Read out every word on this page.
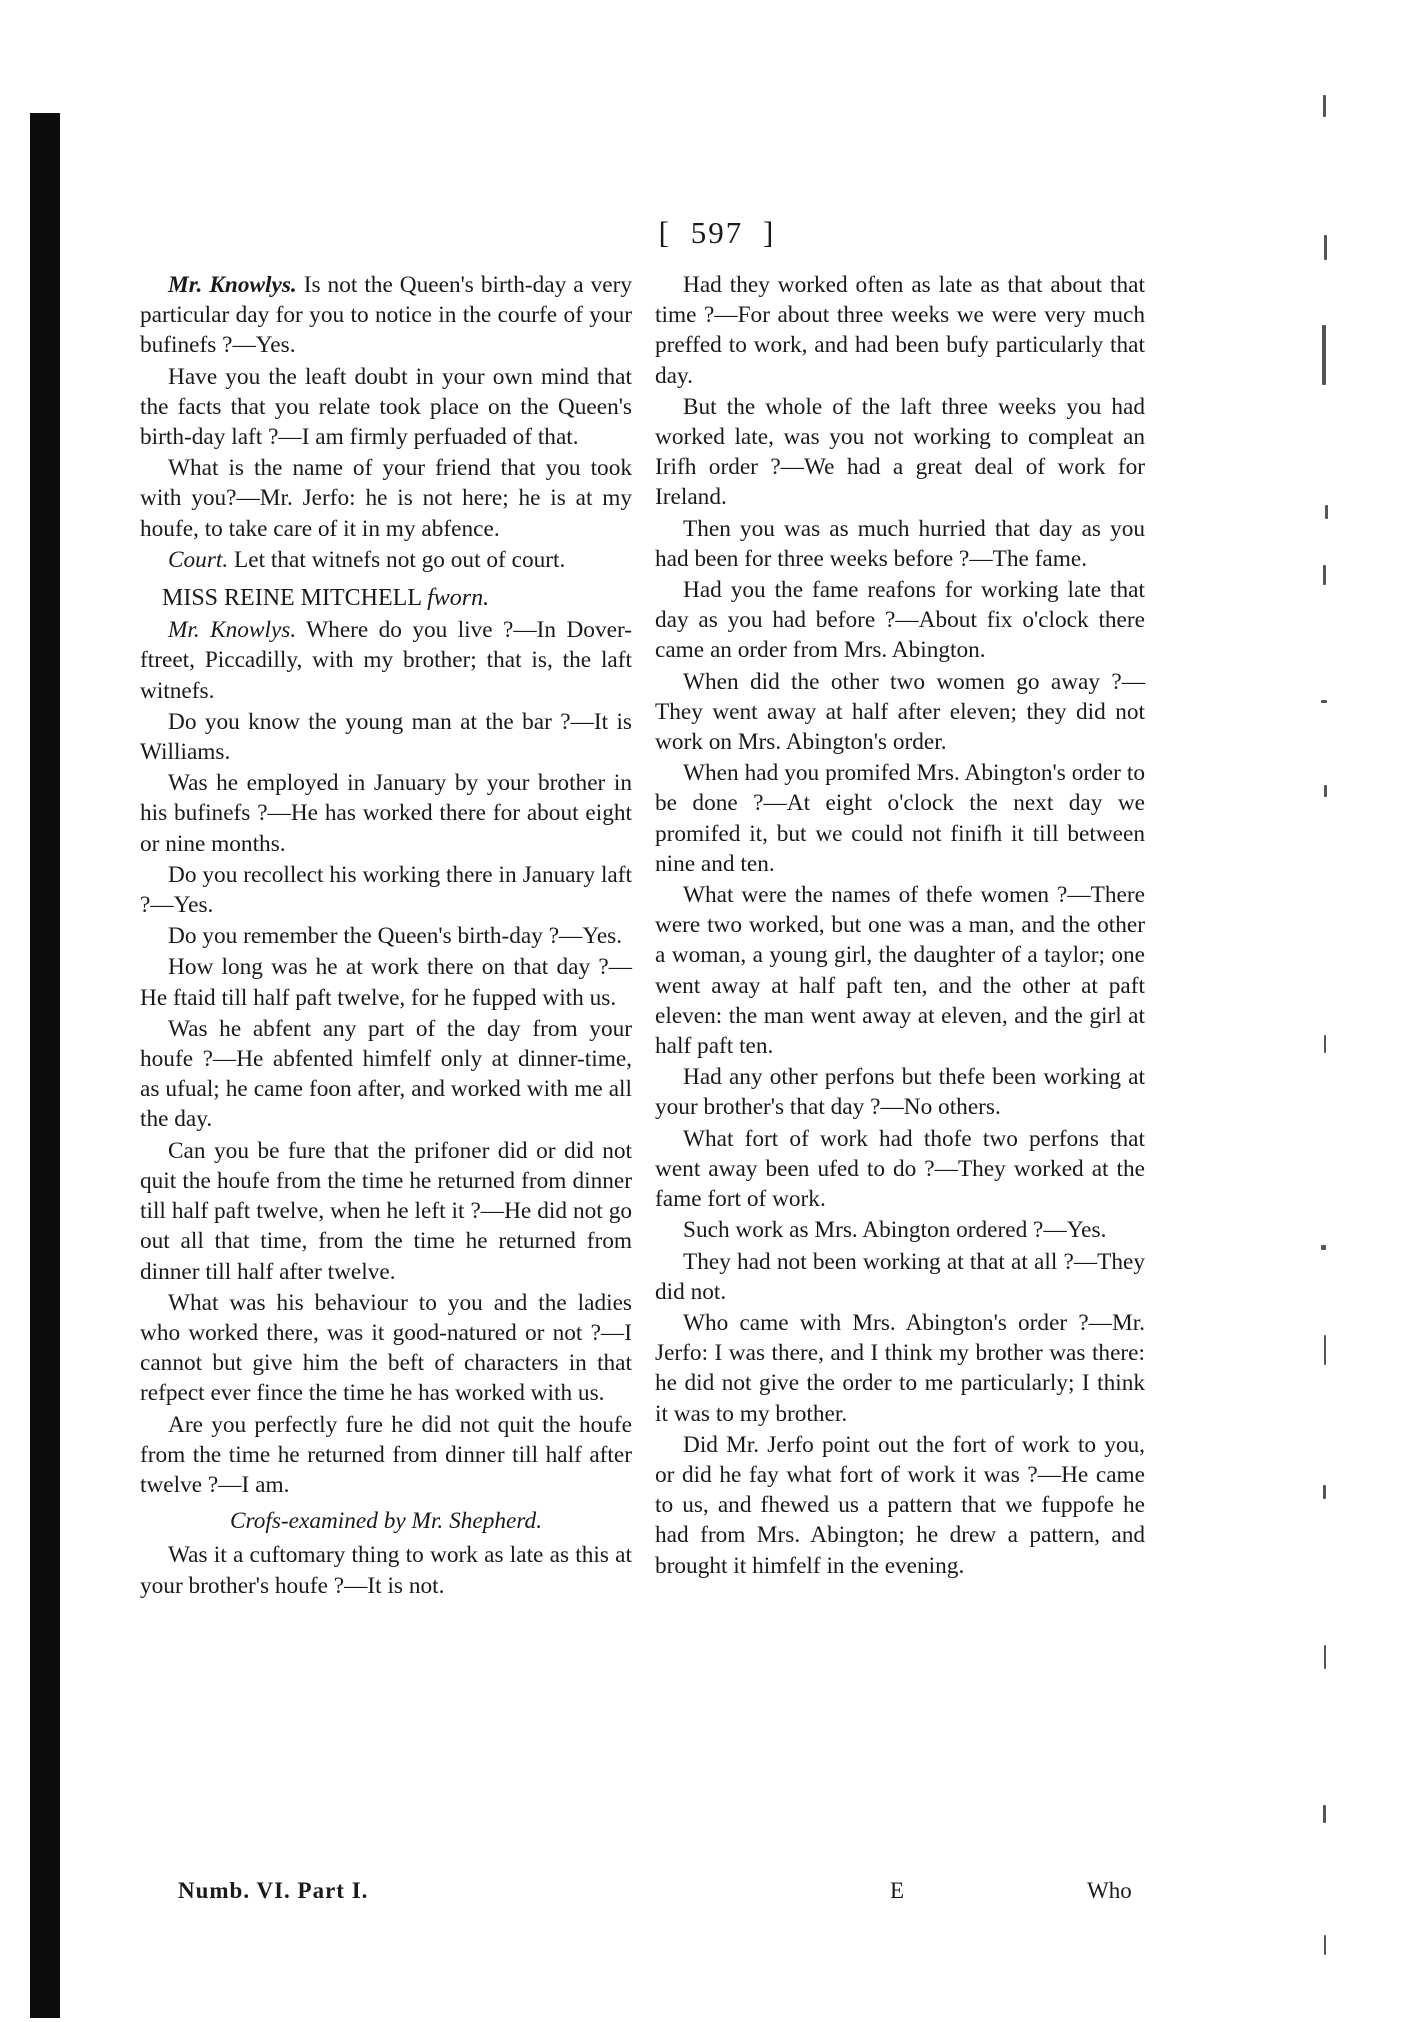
[ 597 ]

Mr. Knowlys. Is not the Queen's birth-day a very particular day for you to notice in the courfe of your bufinefs ?—Yes.

Have you the leaft doubt in your own mind that the facts that you relate took place on the Queen's birth-day laft ?—I am firmly perfuaded of that.

What is the name of your friend that you took with you?—Mr. Jerfo: he is not here; he is at my houfe, to take care of it in my abfence.

Court. Let that witnefs not go out of court.

MISS REINE MITCHELL fworn.

Mr. Knowlys. Where do you live ?—In Dover-ftreet, Piccadilly, with my brother; that is, the laft witnefs.

Do you know the young man at the bar ?—It is Williams.

Was he employed in January by your brother in his bufinefs ?—He has worked there for about eight or nine months.

Do you recollect his working there in January laft ?—Yes.

Do you remember the Queen's birth-day ?—Yes.

How long was he at work there on that day ?—He ftaid till half paft twelve, for he fupped with us.

Was he abfent any part of the day from your houfe ?—He abfented himfelf only at dinner-time, as ufual; he came foon after, and worked with me all the day.

Can you be fure that the prifoner did or did not quit the houfe from the time he returned from dinner till half paft twelve, when he left it ?—He did not go out all that time, from the time he returned from dinner till half after twelve.

What was his behaviour to you and the ladies who worked there, was it good-natured or not ?—I cannot but give him the beft of characters in that refpect ever fince the time he has worked with us.

Are you perfectly fure he did not quit the houfe from the time he returned from dinner till half after twelve ?—I am.

Crofs-examined by Mr. Shepherd.

Was it a cuftomary thing to work as late as this at your brother's houfe ?—It is not.

Had they worked often as late as that about that time ?—For about three weeks we were very much preffed to work, and had been bufy particularly that day.

But the whole of the laft three weeks you had worked late, was you not working to compleat an Irifh order ?—We had a great deal of work for Ireland.

Then you was as much hurried that day as you had been for three weeks before ?—The fame.

Had you the fame reafons for working late that day as you had before ?—About fix o'clock there came an order from Mrs. Abington.

When did the other two women go away ?—They went away at half after eleven; they did not work on Mrs. Abington's order.

When had you promifed Mrs. Abington's order to be done ?—At eight o'clock the next day we promifed it, but we could not finifh it till between nine and ten.

What were the names of thefe women ?—There were two worked, but one was a man, and the other a woman, a young girl, the daughter of a taylor; one went away at half paft ten, and the other at paft eleven: the man went away at eleven, and the girl at half paft ten.

Had any other perfons but thefe been working at your brother's that day ?—No others.

What fort of work had thofe two perfons that went away been ufed to do ?—They worked at the fame fort of work.

Such work as Mrs. Abington ordered ?—Yes.

They had not been working at that at all ?—They did not.

Who came with Mrs. Abington's order ?—Mr. Jerfo: I was there, and I think my brother was there: he did not give the order to me particularly; I think it was to my brother.

Did Mr. Jerfo point out the fort of work to you, or did he fay what fort of work it was ?—He came to us, and fhewed us a pattern that we fuppofe he had from Mrs. Abington; he drew a pattern, and brought it himfelf in the evening.

Numb. VI. Part I.	E	Who
